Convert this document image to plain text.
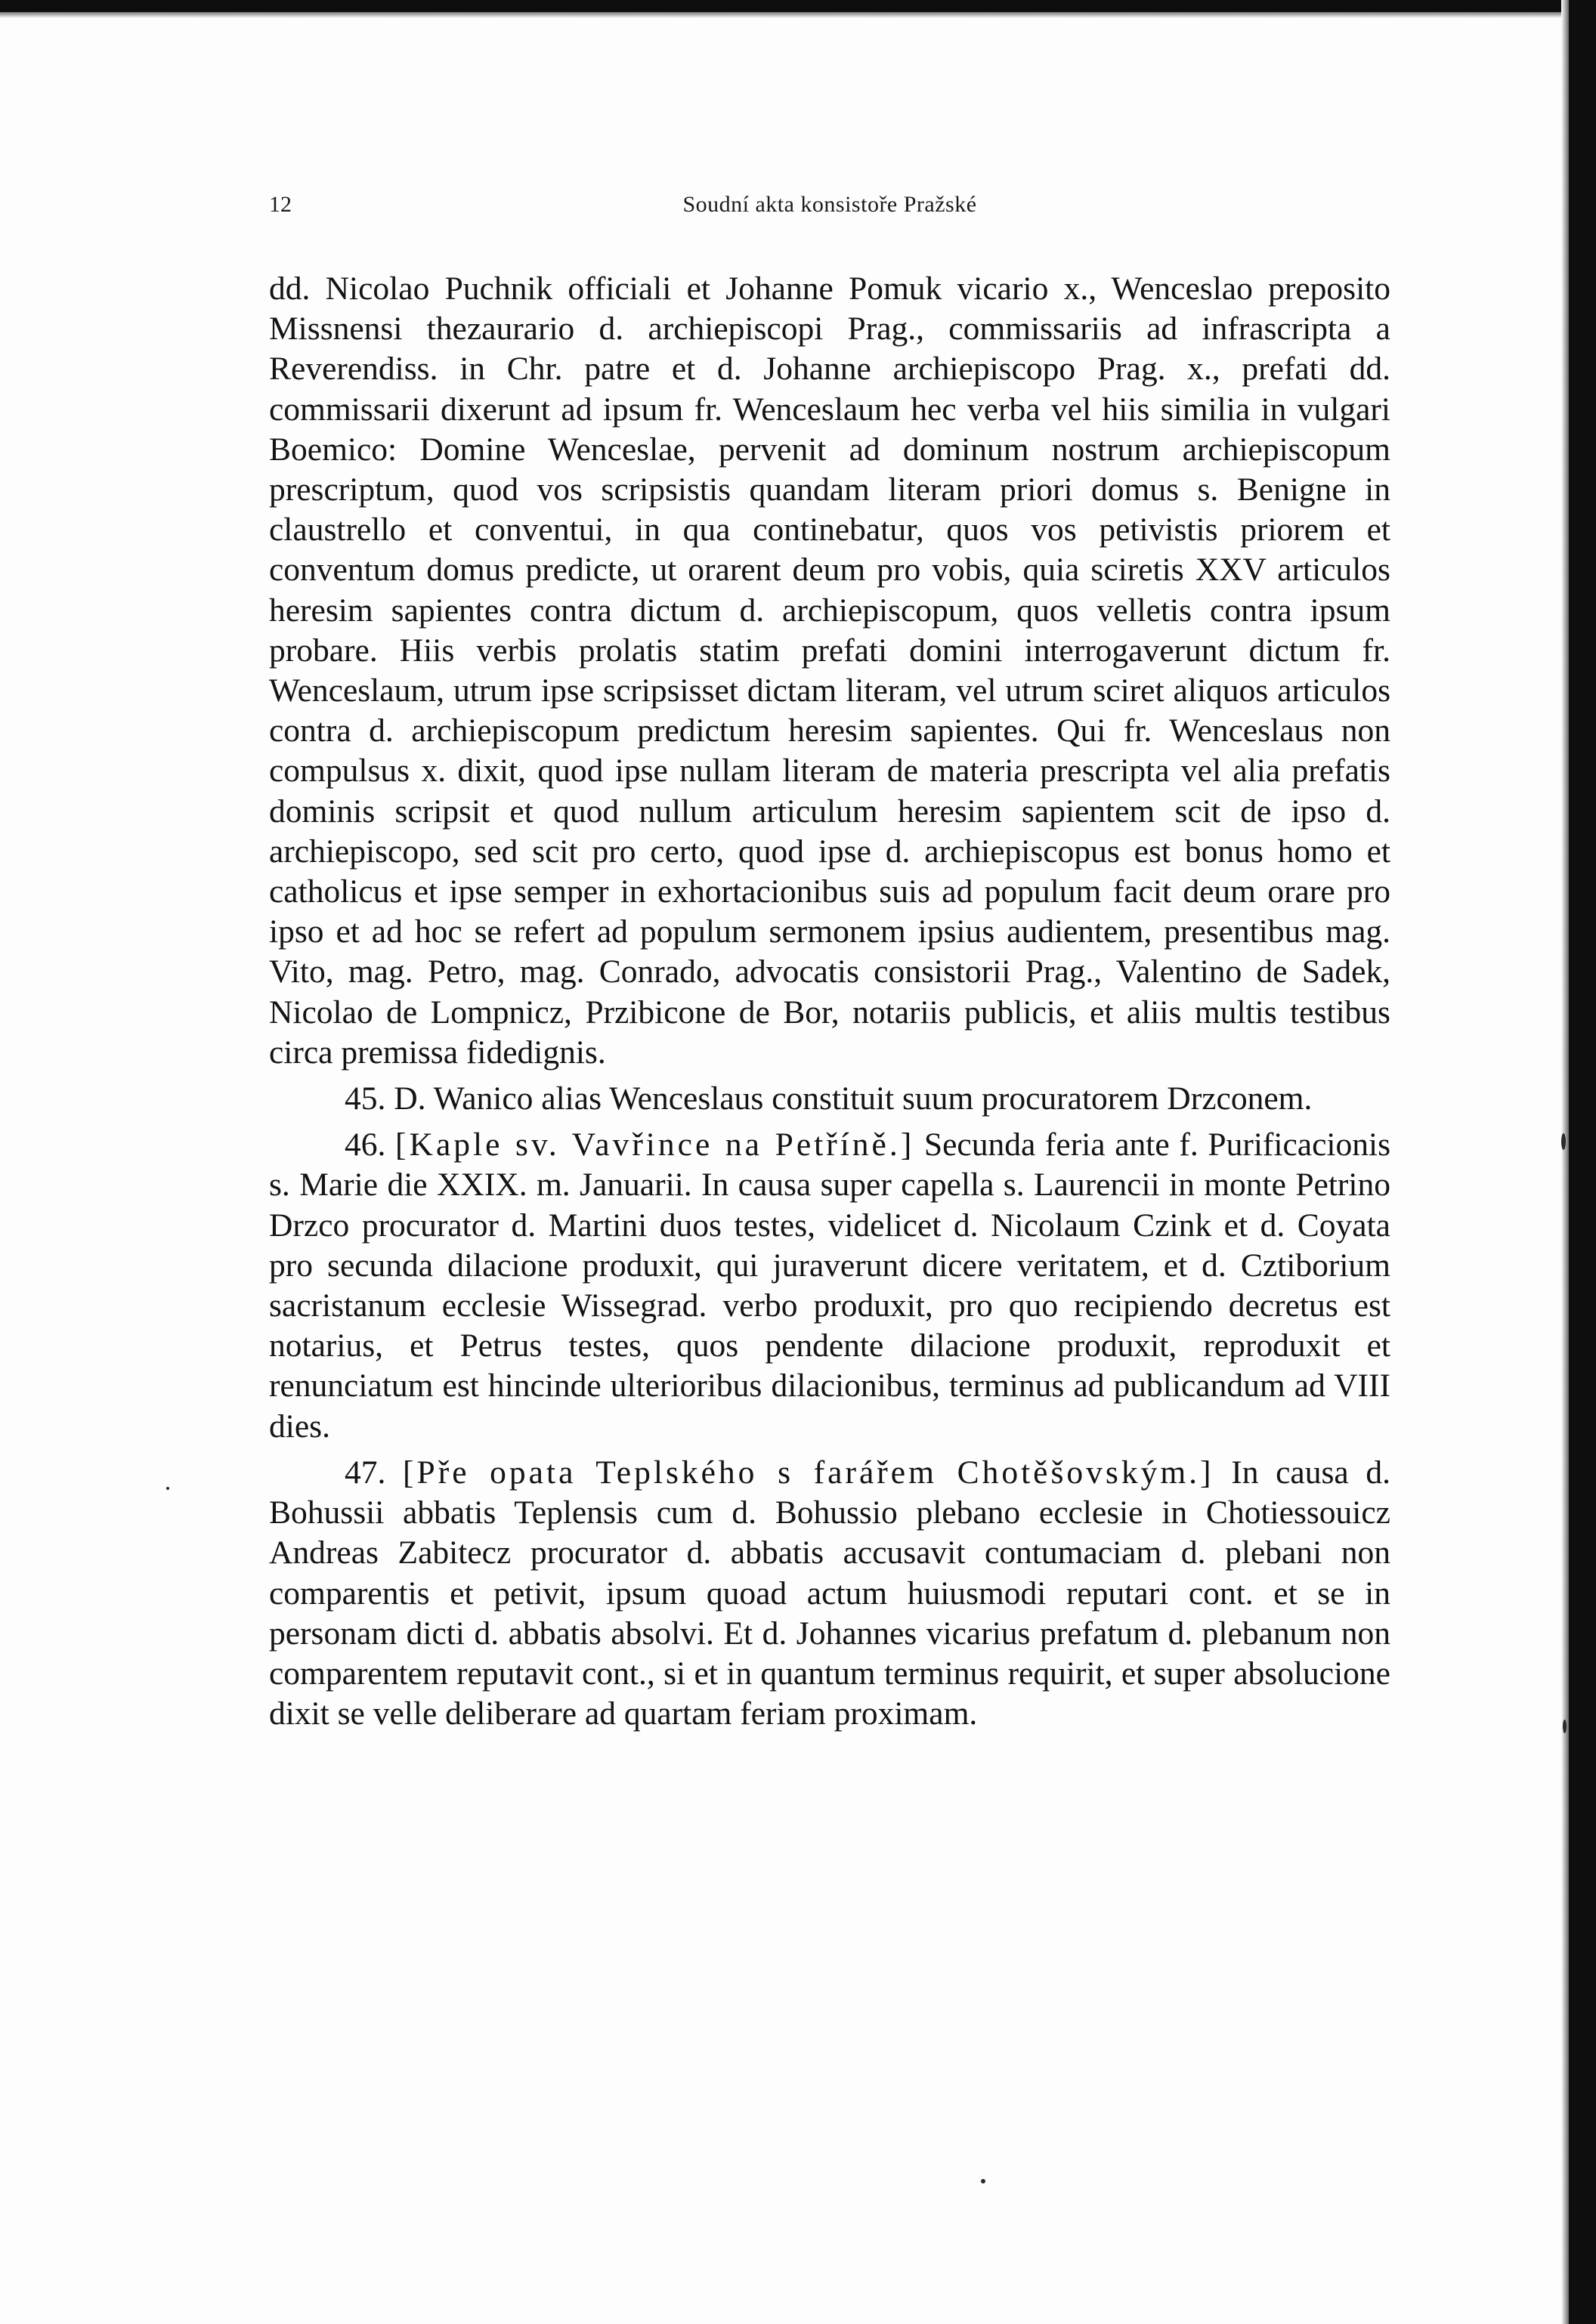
12	Soudní akta konsistoře Pražské

dd. Nicolao Puchnik officiali et Johanne Pomuk vicario x., Wenceslao preposito Missnensi thezaurario d. archiepiscopi Prag., commissariis ad infrascripta a Reverendiss. in Chr. patre et d. Johanne archiepiscopo Prag. x., prefati dd. commissarii dixerunt ad ipsum fr. Wenceslaum hec verba vel hiis similia in vulgari Boemico: Domine Wenceslae, pervenit ad dominum nostrum archiepiscopum prescriptum, quod vos scripsistis quandam literam priori domus s. Benigne in claustrello et conventui, in qua continebatur, quos vos petivistis priorem et conventum domus predicte, ut orarent deum pro vobis, quia sciretis XXV articulos heresim sapientes contra dictum d. archiepiscopum, quos velletis contra ipsum probare. Hiis verbis prolatis statim prefati domini interrogaverunt dictum fr. Wenceslaum, utrum ipse scripsisset dictam literam, vel utrum sciret aliquos articulos contra d. archiepiscopum predictum heresim sapientes. Qui fr. Wenceslaus non compulsus x. dixit, quod ipse nullam literam de materia prescripta vel alia prefatis dominis scripsit et quod nullum articulum heresim sapientem scit de ipso d. archiepiscopo, sed scit pro certo, quod ipse d. archiepiscopus est bonus homo et catholicus et ipse semper in exhortacionibus suis ad populum facit deum orare pro ipso et ad hoc se refert ad populum sermonem ipsius audientem, presentibus mag. Vito, mag. Petro, mag. Conrado, advocatis consistorii Prag., Valentino de Sadek, Nicolao de Lompnicz, Przibicone de Bor, notariis publicis, et aliis multis testibus circa premissa fidedignis.

45. D. Wanico alias Wenceslaus constituit suum procuratorem Drzconem.

46. [Kaple sv. Vavřince na Petříně.] Secunda feria ante f. Purificacionis s. Marie die XXIX. m. Januarii. In causa super capella s. Laurencii in monte Petrino Drzco procurator d. Martini duos testes, videlicet d. Nicolaum Czink et d. Coyata pro secunda dilacione produxit, qui juraverunt dicere veritatem, et d. Cztiborium sacristanum ecclesie Wissegrad. verbo produxit, pro quo recipiendo decretus est notarius, et Petrus testes, quos pendente dilacione produxit, reproduxit et renunciatum est hincinde ulterioribus dilacionibus, terminus ad publicandum ad VIII dies.

47. [Pře opata Teplského s farářem Chotěšovským.] In causa d. Bohussii abbatis Teplensis cum d. Bohussio plebano ecclesie in Chotiessouicz Andreas Zabitecz procurator d. abbatis accusavit contumaciam d. plebani non comparentis et petivit, ipsum quoad actum huiusmodi reputari cont. et se in personam dicti d. abbatis absolvi. Et d. Johannes vicarius prefatum d. plebanum non comparentem reputavit cont., si et in quantum terminus requirit, et super absolucione dixit se velle deliberare ad quartam feriam proximam.
